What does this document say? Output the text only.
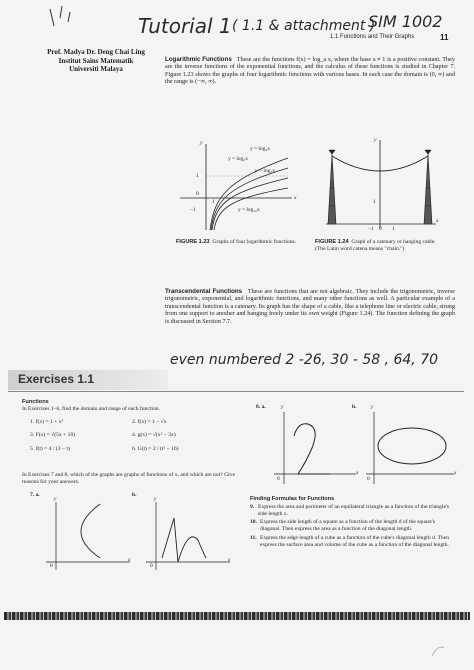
Tutorial 1 ( 1.1 & attachment )
SIM 1002
1.1 Functions and Their Graphs	11
Prof. Madya Dr. Deng Chai Ling
Institut Sains Matematik
Universiti Malaya
Logarithmic Functions These are the functions f(x) = log_a x, where the base a ≠ 1 is a positive constant. They are the inverse functions of the exponential functions, and the calculus of these functions is studied in Chapter 7. Figure 1.23 shows the graphs of four logarithmic functions with various bases. In each case the domain is (0, ∞) and the range is (−∞, ∞).
y = log₂x
y = log₃x
y = log₅x
y = log₁₀x
y
x
1
0
−1
1
FIGURE 1.23 Graphs of four logarithmic functions.
y
x
−1 0 1
1
FIGURE 1.24 Graph of a catenary or hanging cable. (The Latin word catena means "chain.")
Transcendental Functions These are functions that are not algebraic. They include the trigonometric, inverse trigonometric, exponential, and logarithmic functions, and many other functions as well. A particular example of a transcendental function is a catenary. Its graph has the shape of a cable, like a telephone line or electric cable, strung from one support to another and hanging freely under its own weight (Figure 1.24). The function defining the graph is discussed in Section 7.7.
even numbered 2 -26, 30 - 58 , 64, 70
Exercises 1.1
Functions
In Exercises 1–6, find the domain and range of each function.
1. f(x) = 1 + x²	2. f(x) = 1 − √x
3. F(x) = √(5x + 10)	4. g(x) = √(x² − 3x)
5. f(t) = 4 / (3 − t)	6. G(t) = 2 / (t² − 16)
In Exercises 7 and 8, which of the graphs are graphs of functions of x, and which are not? Give reasons for your answers.
7. a.	b.
y
x
0
y
x
0
8. a.	b.
y
x
0
y
x
0
Finding Formulas for Functions
9. Express the area and perimeter of an equilateral triangle as a function of the triangle's side length x.
10. Express the side length of a square as a function of the length d of the square's diagonal. Then express the area as a function of the diagonal length.
11. Express the edge length of a cube as a function of the cube's diagonal length d. Then express the surface area and volume of the cube as a function of the diagonal length.
